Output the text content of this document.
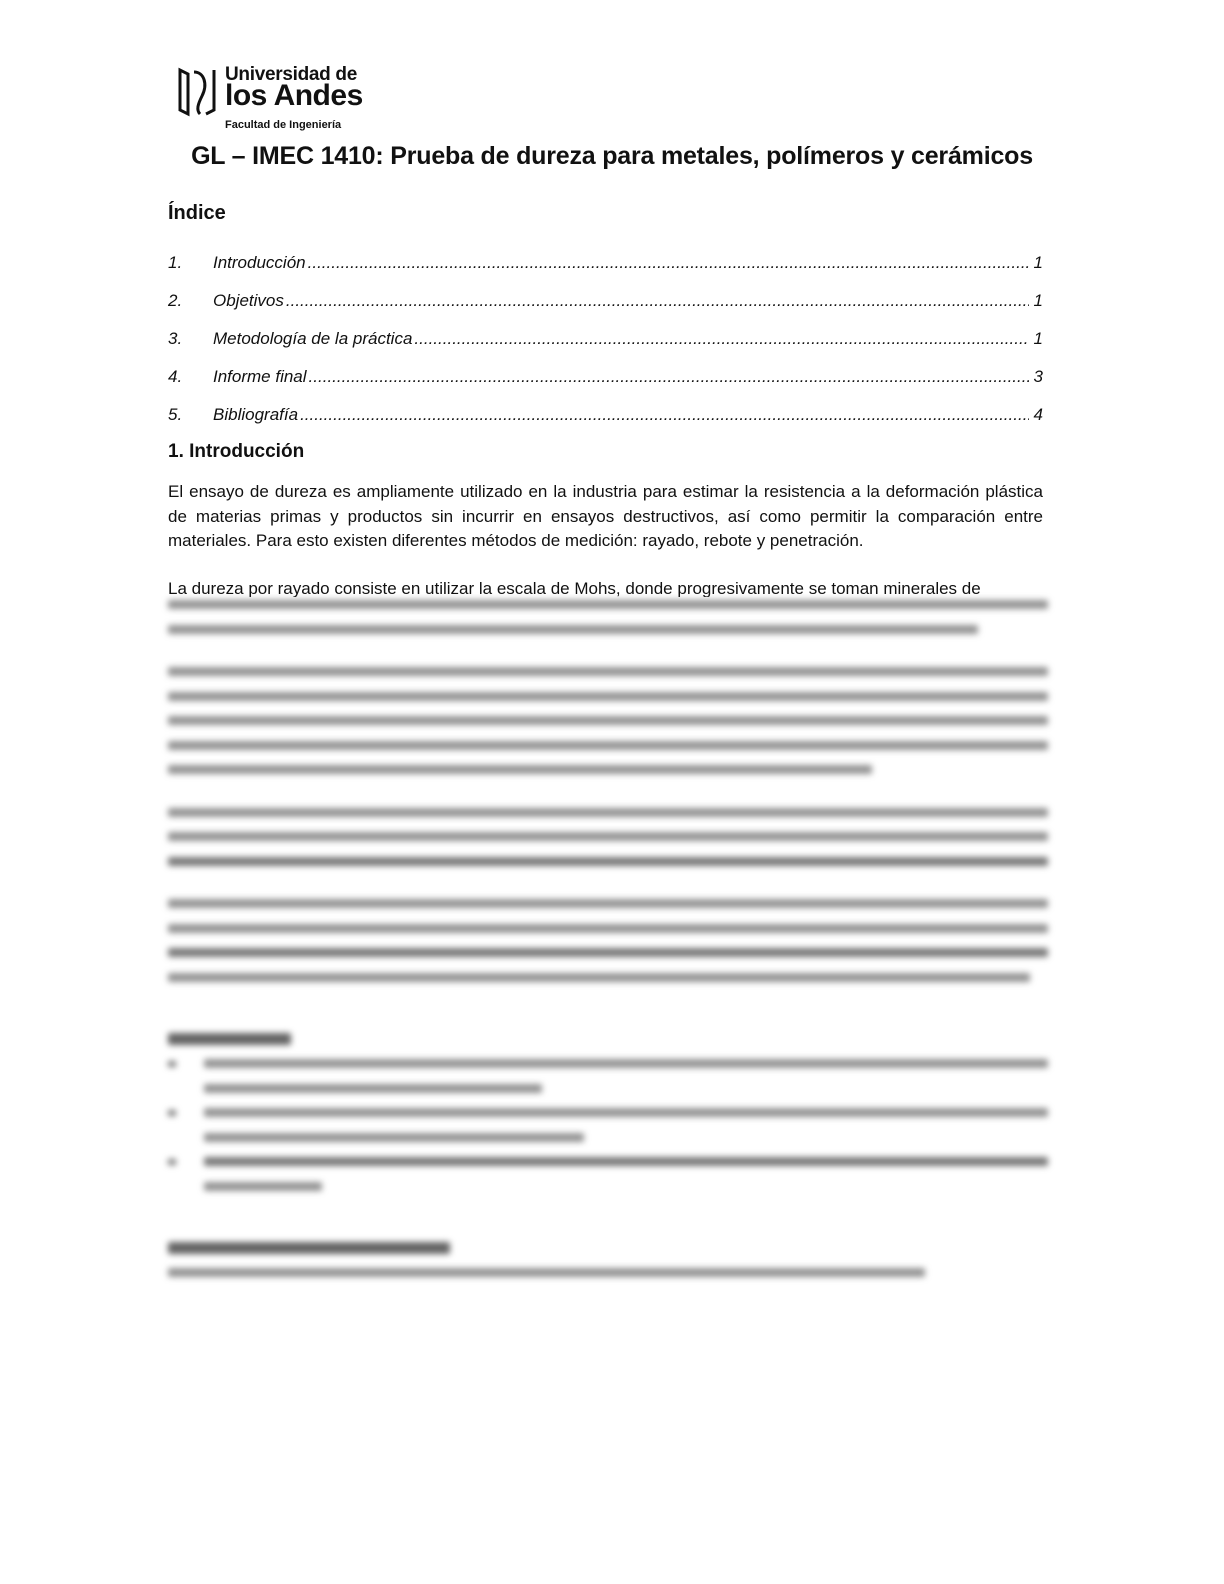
Universidad de
los Andes
Facultad de Ingeniería
GL – IMEC 1410: Prueba de dureza para metales, polímeros y cerámicos
Índice
1.	Introducción .....	1
2.	Objetivos .....	1
3.	Metodología de la práctica .....	1
4.	Informe final .....	3
5.	Bibliografía .....	4
1. Introducción

El ensayo de dureza es ampliamente utilizado en la industria para estimar la resistencia a la deformación plástica de materias primas y productos sin incurrir en ensayos destructivos, así como permitir la comparación entre materiales. Para esto existen diferentes métodos de medición: rayado, rebote y penetración.

La dureza por rayado consiste en utilizar la escala de Mohs, donde progresivamente se toman minerales de
